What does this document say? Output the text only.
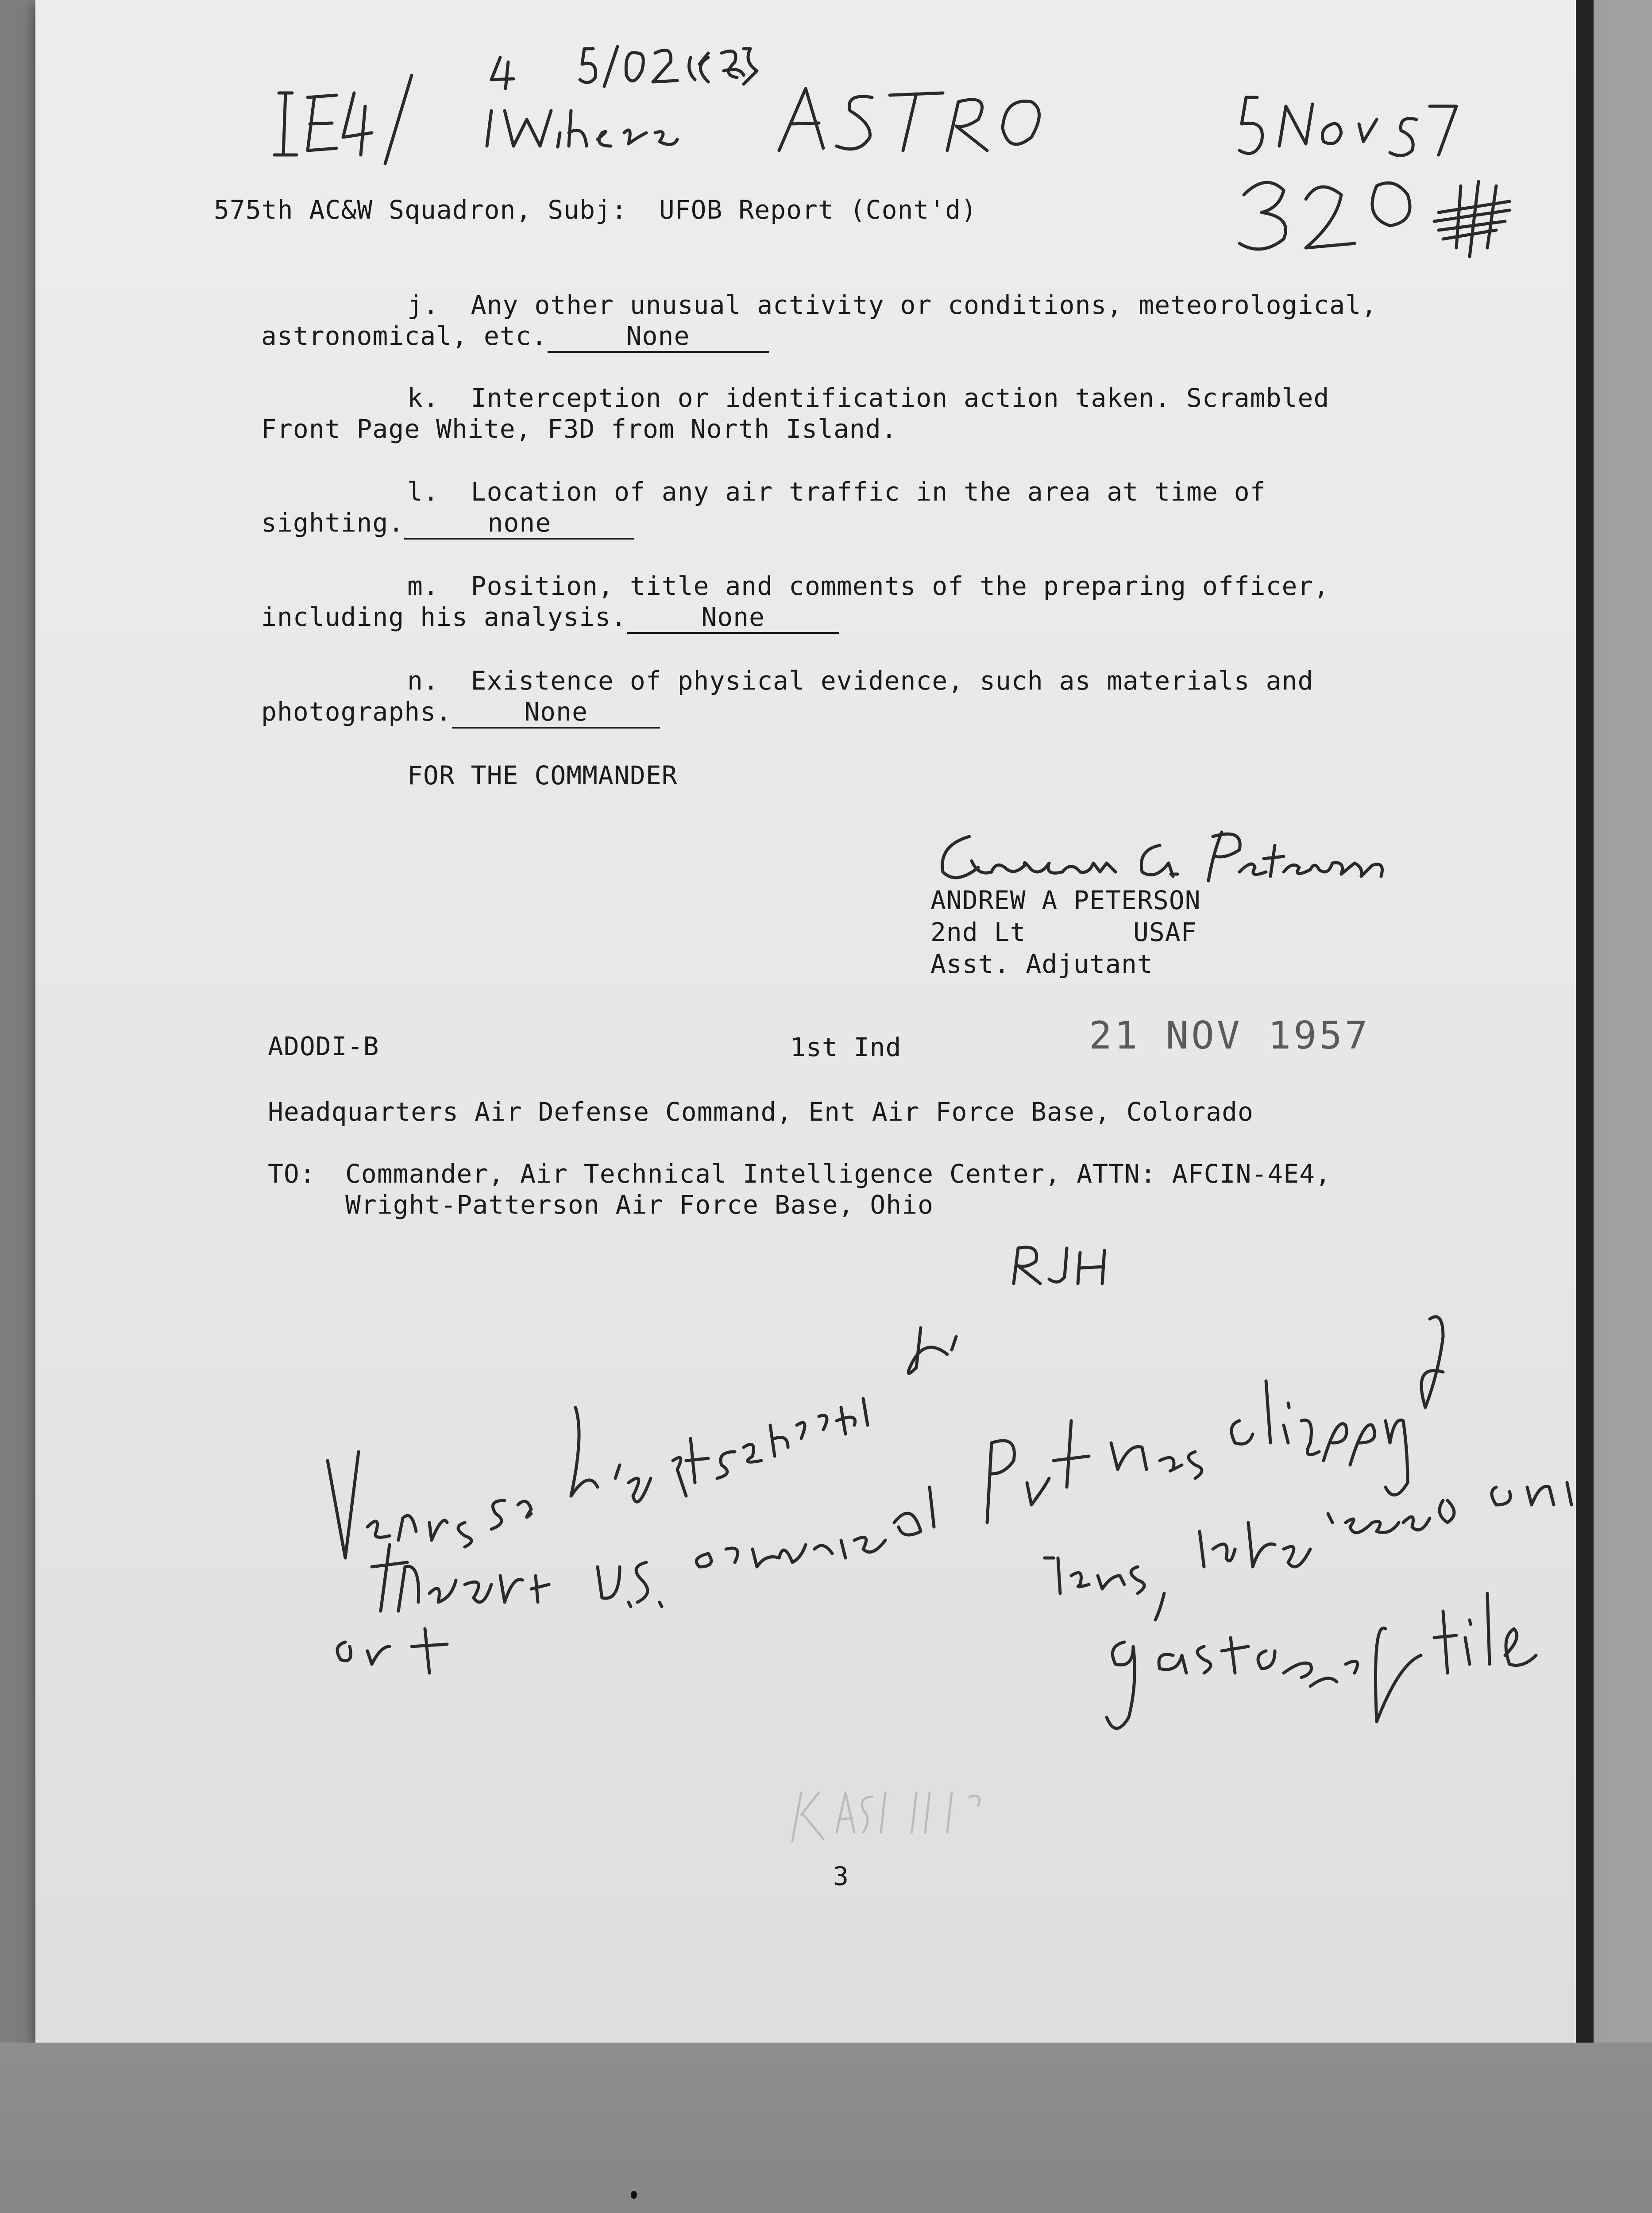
575th AC&W Squadron, Subj:  UFOB Report (Cont'd)
j.  Any other unusual activity or conditions, meteorological,
astronomical, etc.	None
k.  Interception or identification action taken. Scrambled
Front Page White, F3D from North Island.
l.  Location of any air traffic in the area at time of
sighting.	none
m.  Position, title and comments of the preparing officer,
including his analysis.	None
n.  Existence of physical evidence, such as materials and
photographs.	None
FOR THE COMMANDER
ANDREW A PETERSON
2nd Lt	USAF
Asst. Adjutant
ADODI-B	1st Ind	21 NOV 1957
Headquarters Air Defense Command, Ent Air Force Base, Colorado
TO: Commander, Air Technical Intelligence Center, ATTN: AFCIN-4E4,
Wright-Patterson Air Force Base, Ohio
3
